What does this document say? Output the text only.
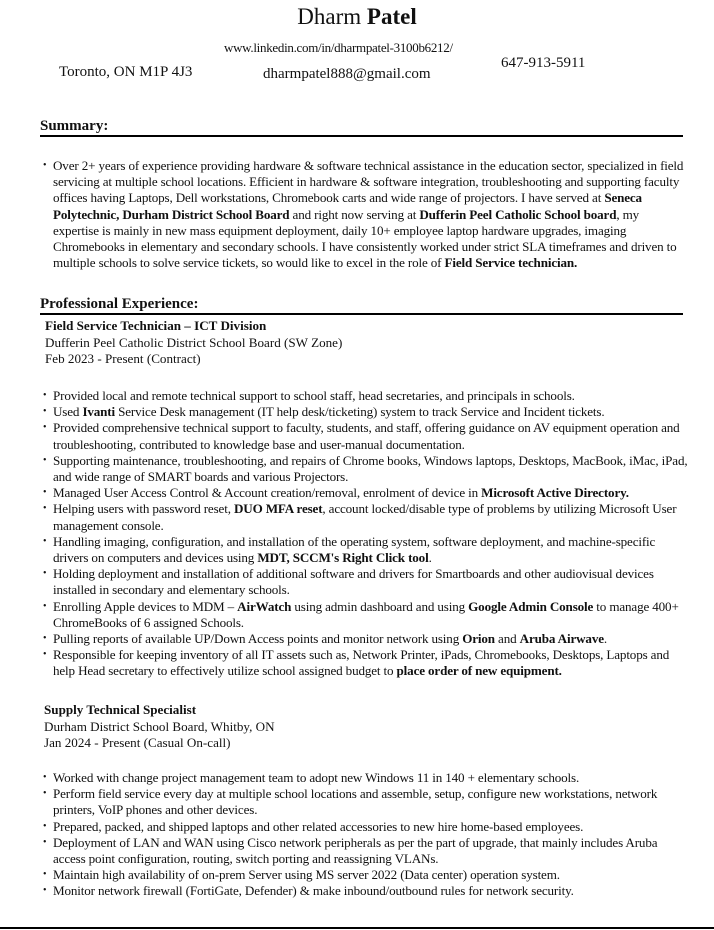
Dharm Patel
www.linkedin.com/in/dharmpatel-3100b6212/
Toronto, ON M1P 4J3	dharmpatel888@gmail.com
647-913-5911
Summary:
• Over 2+ years of experience providing hardware & software technical assistance in the education sector, specialized in field servicing at multiple school locations. Efficient in hardware & software integration, troubleshooting and supporting faculty offices having Laptops, Dell workstations, Chromebook carts and wide range of projectors. I have served at Seneca Polytechnic, Durham District School Board and right now serving at Dufferin Peel Catholic School board, my expertise is mainly in new mass equipment deployment, daily 10+ employee laptop hardware upgrades, imaging Chromebooks in elementary and secondary schools. I have consistently worked under strict SLA timeframes and driven to multiple schools to solve service tickets, so would like to excel in the role of Field Service technician.
Professional Experience:
Field Service Technician – ICT Division
Dufferin Peel Catholic District School Board (SW Zone)
Feb 2023 - Present (Contract)
• Provided local and remote technical support to school staff, head secretaries, and principals in schools.
• Used Ivanti Service Desk management (IT help desk/ticketing) system to track Service and Incident tickets.
• Provided comprehensive technical support to faculty, students, and staff, offering guidance on AV equipment operation and troubleshooting, contributed to knowledge base and user-manual documentation.
• Supporting maintenance, troubleshooting, and repairs of Chrome books, Windows laptops, Desktops, MacBook, iMac, iPad, and wide range of SMART boards and various Projectors.
• Managed User Access Control & Account creation/removal, enrolment of device in Microsoft Active Directory.
• Helping users with password reset, DUO MFA reset, account locked/disable type of problems by utilizing Microsoft User management console.
• Handling imaging, configuration, and installation of the operating system, software deployment, and machine-specific drivers on computers and devices using MDT, SCCM's Right Click tool.
• Holding deployment and installation of additional software and drivers for Smartboards and other audiovisual devices installed in secondary and elementary schools.
• Enrolling Apple devices to MDM – AirWatch using admin dashboard and using Google Admin Console to manage 400+ ChromeBooks of 6 assigned Schools.
• Pulling reports of available UP/Down Access points and monitor network using Orion and Aruba Airwave.
• Responsible for keeping inventory of all IT assets such as, Network Printer, iPads, Chromebooks, Desktops, Laptops and help Head secretary to effectively utilize school assigned budget to place order of new equipment.
Supply Technical Specialist
Durham District School Board, Whitby, ON
Jan 2024 - Present (Casual On-call)
• Worked with change project management team to adopt new Windows 11 in 140 + elementary schools.
• Perform field service every day at multiple school locations and assemble, setup, configure new workstations, network printers, VoIP phones and other devices.
• Prepared, packed, and shipped laptops and other related accessories to new hire home-based employees.
• Deployment of LAN and WAN using Cisco network peripherals as per the part of upgrade, that mainly includes Aruba access point configuration, routing, switch porting and reassigning VLANs.
• Maintain high availability of on-prem Server using MS server 2022 (Data center) operation system.
• Monitor network firewall (FortiGate, Defender) & make inbound/outbound rules for network security.
